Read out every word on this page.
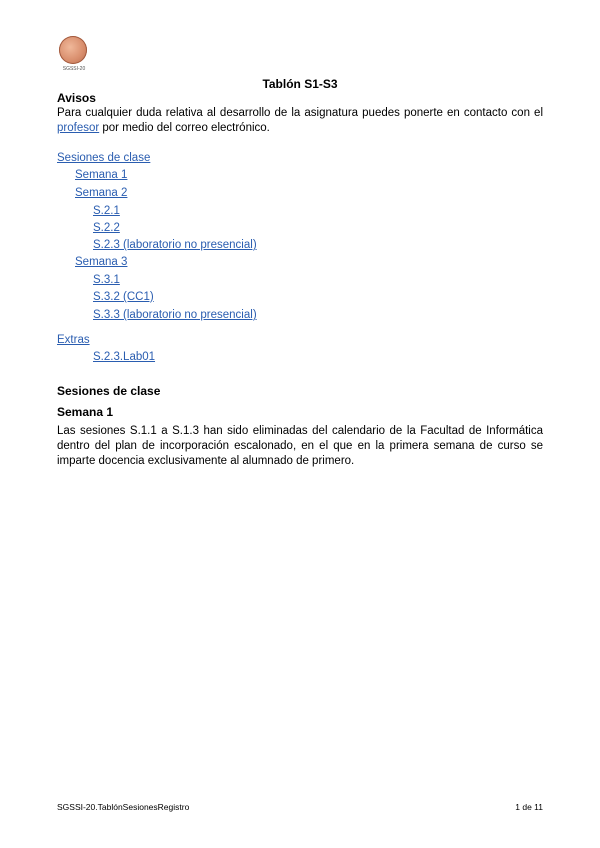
SGSSI-20
Tablón S1-S3
Avisos

Para cualquier duda relativa al desarrollo de la asignatura puedes ponerte en contacto con el profesor por medio del correo electrónico.

Sesiones de clase
Semana 1
Semana 2
S.2.1
S.2.2
S.2.3 (laboratorio no presencial)
Semana 3
S.3.1
S.3.2 (CC1)
S.3.3 (laboratorio no presencial)
Extras
S.2.3.Lab01
Sesiones de clase
Semana 1

Las sesiones S.1.1 a S.1.3 han sido eliminadas del calendario de la Facultad de Informática dentro del plan de incorporación escalonado, en el que en la primera semana de curso se imparte docencia exclusivamente al alumnado de primero.

SGSSI-20.TablónSesionesRegistro	1 de 11
